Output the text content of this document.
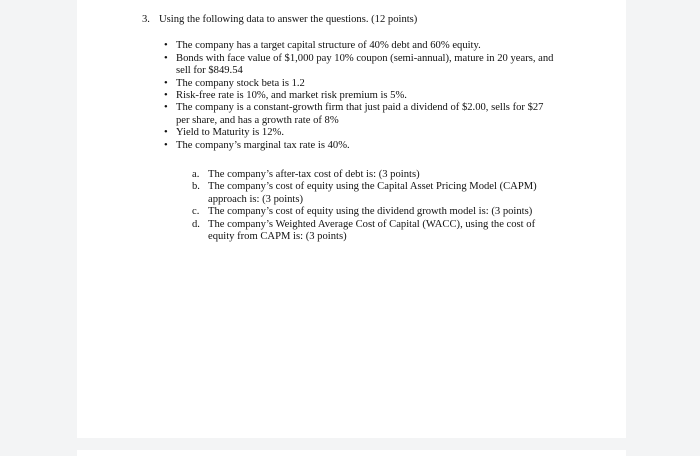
3. Using the following data to answer the questions. (12 points)
• The company has a target capital structure of 40% debt and 60% equity.
• Bonds with face value of $1,000 pay 10% coupon (semi-annual), mature in 20 years, and sell for $849.54
• The company stock beta is 1.2
• Risk-free rate is 10%, and market risk premium is 5%.
• The company is a constant-growth firm that just paid a dividend of $2.00, sells for $27 per share, and has a growth rate of 8%
• Yield to Maturity is 12%.
• The company’s marginal tax rate is 40%.
a. The company’s after-tax cost of debt is: (3 points)
b. The company’s cost of equity using the Capital Asset Pricing Model (CAPM) approach is: (3 points)
c. The company’s cost of equity using the dividend growth model is: (3 points)
d. The company’s Weighted Average Cost of Capital (WACC), using the cost of equity from CAPM is: (3 points)
